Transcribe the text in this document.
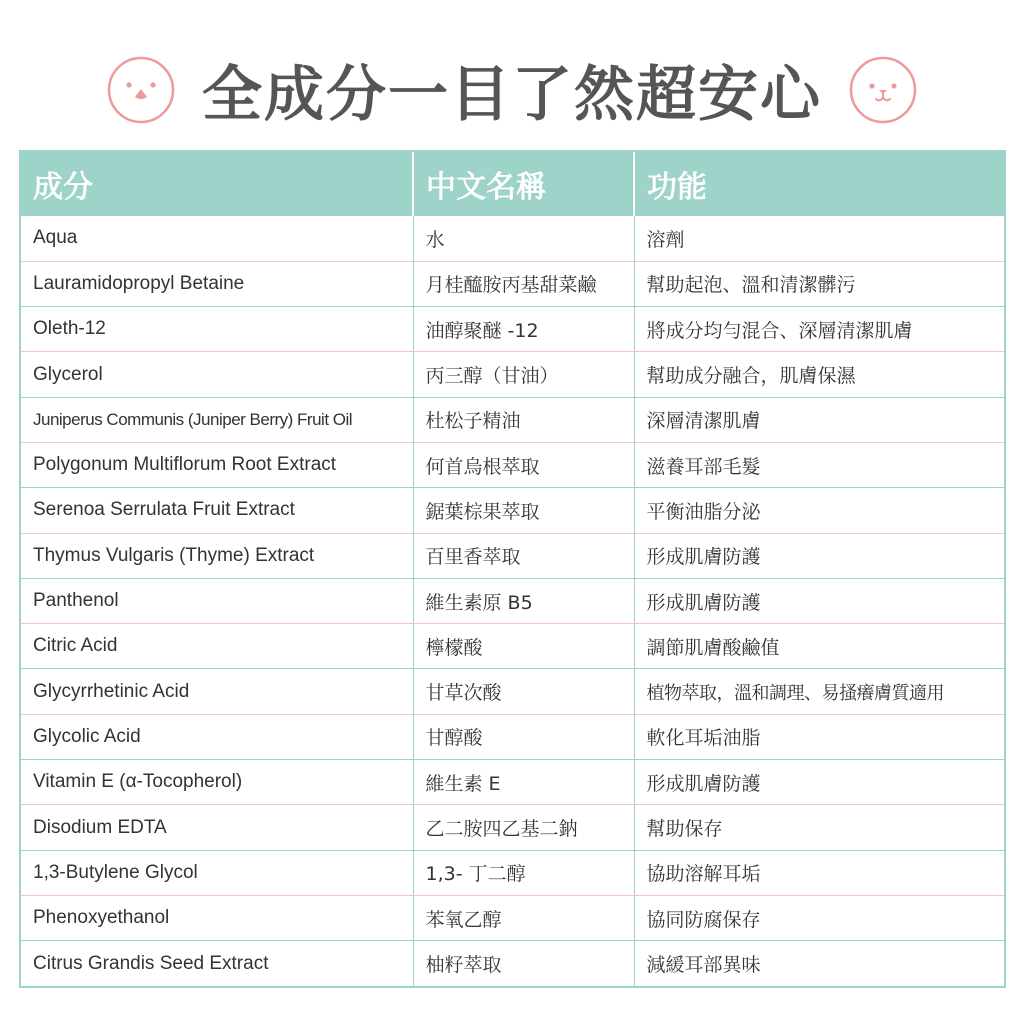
全成分一目了然超安心
成分	中文名稱	功能
Aqua	水	溶劑
Lauramidopropyl Betaine	月桂醯胺丙基甜菜鹼	幫助起泡、溫和清潔髒污
Oleth-12	油醇聚醚 -12	將成分均勻混合、深層清潔肌膚
Glycerol	丙三醇（甘油）	幫助成分融合，肌膚保濕
Juniperus Communis (Juniper Berry) Fruit Oil	杜松子精油	深層清潔肌膚
Polygonum Multiflorum Root Extract	何首烏根萃取	滋養耳部毛髮
Serenoa Serrulata Fruit Extract	鋸葉棕果萃取	平衡油脂分泌
Thymus Vulgaris (Thyme) Extract	百里香萃取	形成肌膚防護
Panthenol	維生素原 B5	形成肌膚防護
Citric Acid	檸檬酸	調節肌膚酸鹼值
Glycyrrhetinic Acid	甘草次酸	植物萃取，溫和調理、易搔癢膚質適用
Glycolic Acid	甘醇酸	軟化耳垢油脂
Vitamin E (α-Tocopherol)	維生素 E	形成肌膚防護
Disodium EDTA	乙二胺四乙基二鈉	幫助保存
1,3-Butylene Glycol	1,3- 丁二醇	協助溶解耳垢
Phenoxyethanol	苯氧乙醇	協同防腐保存
Citrus Grandis Seed Extract	柚籽萃取	減緩耳部異味
